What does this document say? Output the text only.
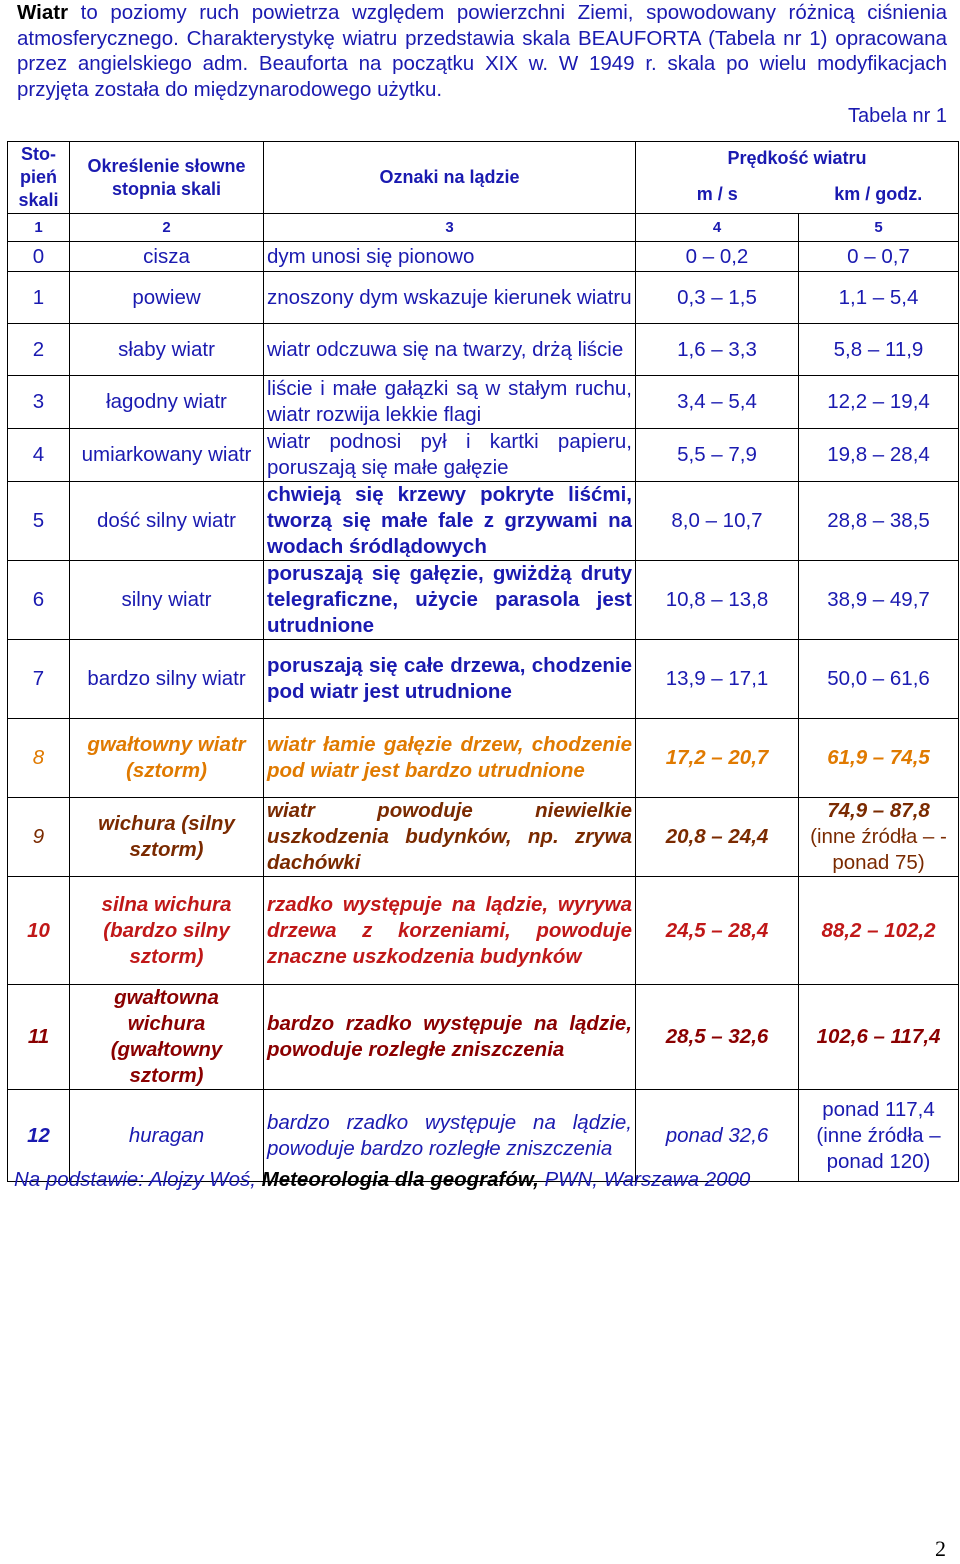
Wiatr to poziomy ruch powietrza względem powierzchni Ziemi, spowodowany różnicą ciśnienia atmosferycznego. Charakterystykę wiatru przedstawia skala BEAUFORTA (Tabela nr 1) opracowana przez angielskiego adm. Beauforta na początku XIX w. W 1949 r. skala po wielu modyfikacjach przyjęta została do międzynarodowego użytku.
Tabela nr 1
Sto-pień skali	Określenie słowne stopnia skali	Oznaki na lądzie	Prędkość wiatru	
			m / s	km / godz.
1	2	3	4	5

0	cisza	dym unosi się pionowo	0 – 0,2	0 – 0,7

1	powiew	znoszony dym wskazuje kierunek wiatru	0,3 – 1,5	1,1 – 5,4

2	słaby wiatr	wiatr odczuwa się na twarzy, drżą liście	1,6 – 3,3	5,8 – 11,9

3	łagodny wiatr	liście i małe gałązki są w stałym ruchu, wiatr rozwija lekkie flagi	3,4 – 5,4	12,2 – 19,4

4	umiarkowany wiatr	wiatr podnosi pył i kartki papieru, poruszają się małe gałęzie	5,5 – 7,9	19,8 – 28,4

5	dość silny wiatr	chwieją się krzewy pokryte liśćmi, tworzą się małe fale z grzywami na wodach śródlądowych	8,0 – 10,7	28,8 – 38,5

6	silny wiatr	poruszają się gałęzie, gwiżdżą druty telegraficzne, użycie parasola jest utrudnione	10,8 – 13,8	38,9 – 49,7

7	bardzo silny wiatr	poruszają się całe drzewa, chodzenie pod wiatr jest utrudnione	13,9 – 17,1	50,0 – 61,6

8	gwałtowny wiatr (sztorm)	wiatr łamie gałęzie drzew, chodzenie pod wiatr jest bardzo utrudnione	17,2 – 20,7	61,9 – 74,5

9	wichura (silny sztorm)	wiatr powoduje niewielkie uszkodzenia budynków, np. zrywa dachówki	20,8 – 24,4	74,9 – 87,8
(inne źródła – - ponad 75)

10	silna wichura (bardzo silny sztorm)	rzadko występuje na lądzie, wyrywa drzewa z korzeniami, powoduje znaczne uszkodzenia budynków	24,5 – 28,4	88,2 – 102,2

11	gwałtowna wichura (gwałtowny sztorm)	bardzo rzadko występuje na lądzie, powoduje rozległe zniszczenia	28,5 – 32,6	102,6 – 117,4

12	huragan	bardzo rzadko występuje na lądzie, powoduje bardzo rozległe zniszczenia	ponad 32,6	ponad 117,4
(inne źródła – ponad 120)
Na podstawie: Alojzy Woś, Meteorologia dla geografów, PWN, Warszawa 2000
2
